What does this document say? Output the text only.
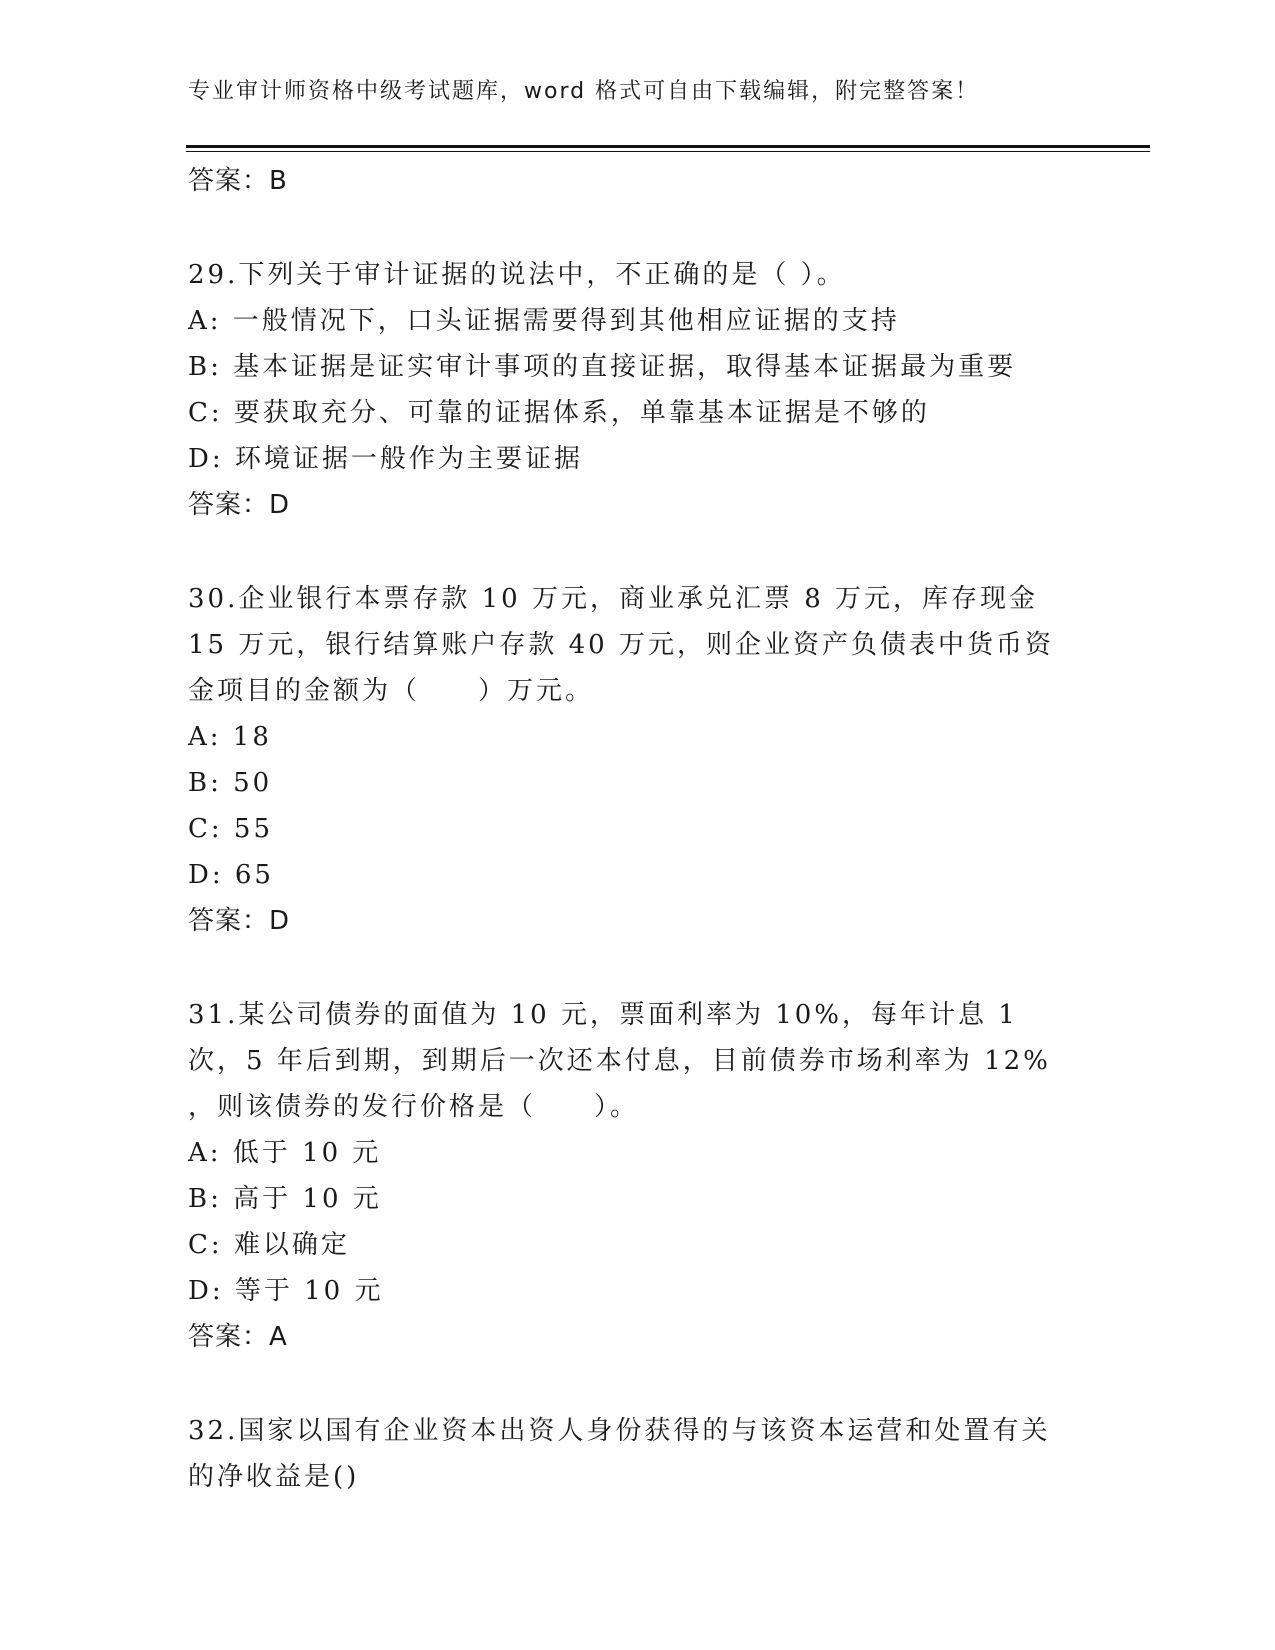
专业审计师资格中级考试题库，word 格式可自由下载编辑，附完整答案！
答案：B
29.下列关于审计证据的说法中，不正确的是（ ）。
A: 一般情况下，口头证据需要得到其他相应证据的支持
B: 基本证据是证实审计事项的直接证据，取得基本证据最为重要
C: 要获取充分、可靠的证据体系，单靠基本证据是不够的
D: 环境证据一般作为主要证据
答案：D
30.企业银行本票存款 10 万元，商业承兑汇票 8 万元，库存现金 15 万元，银行结算账户存款 40 万元，则企业资产负债表中货币资金项目的金额为（　　）万元。
A: 18
B: 50
C: 55
D: 65
答案：D
31.某公司债券的面值为 10 元，票面利率为 10%，每年计息 1 次，5 年后到期，到期后一次还本付息，目前债券市场利率为 12% ，则该债券的发行价格是（　　）。
A: 低于 10 元
B: 高于 10 元
C: 难以确定
D: 等于 10 元
答案：A
32.国家以国有企业资本出资人身份获得的与该资本运营和处置有关的净收益是()
